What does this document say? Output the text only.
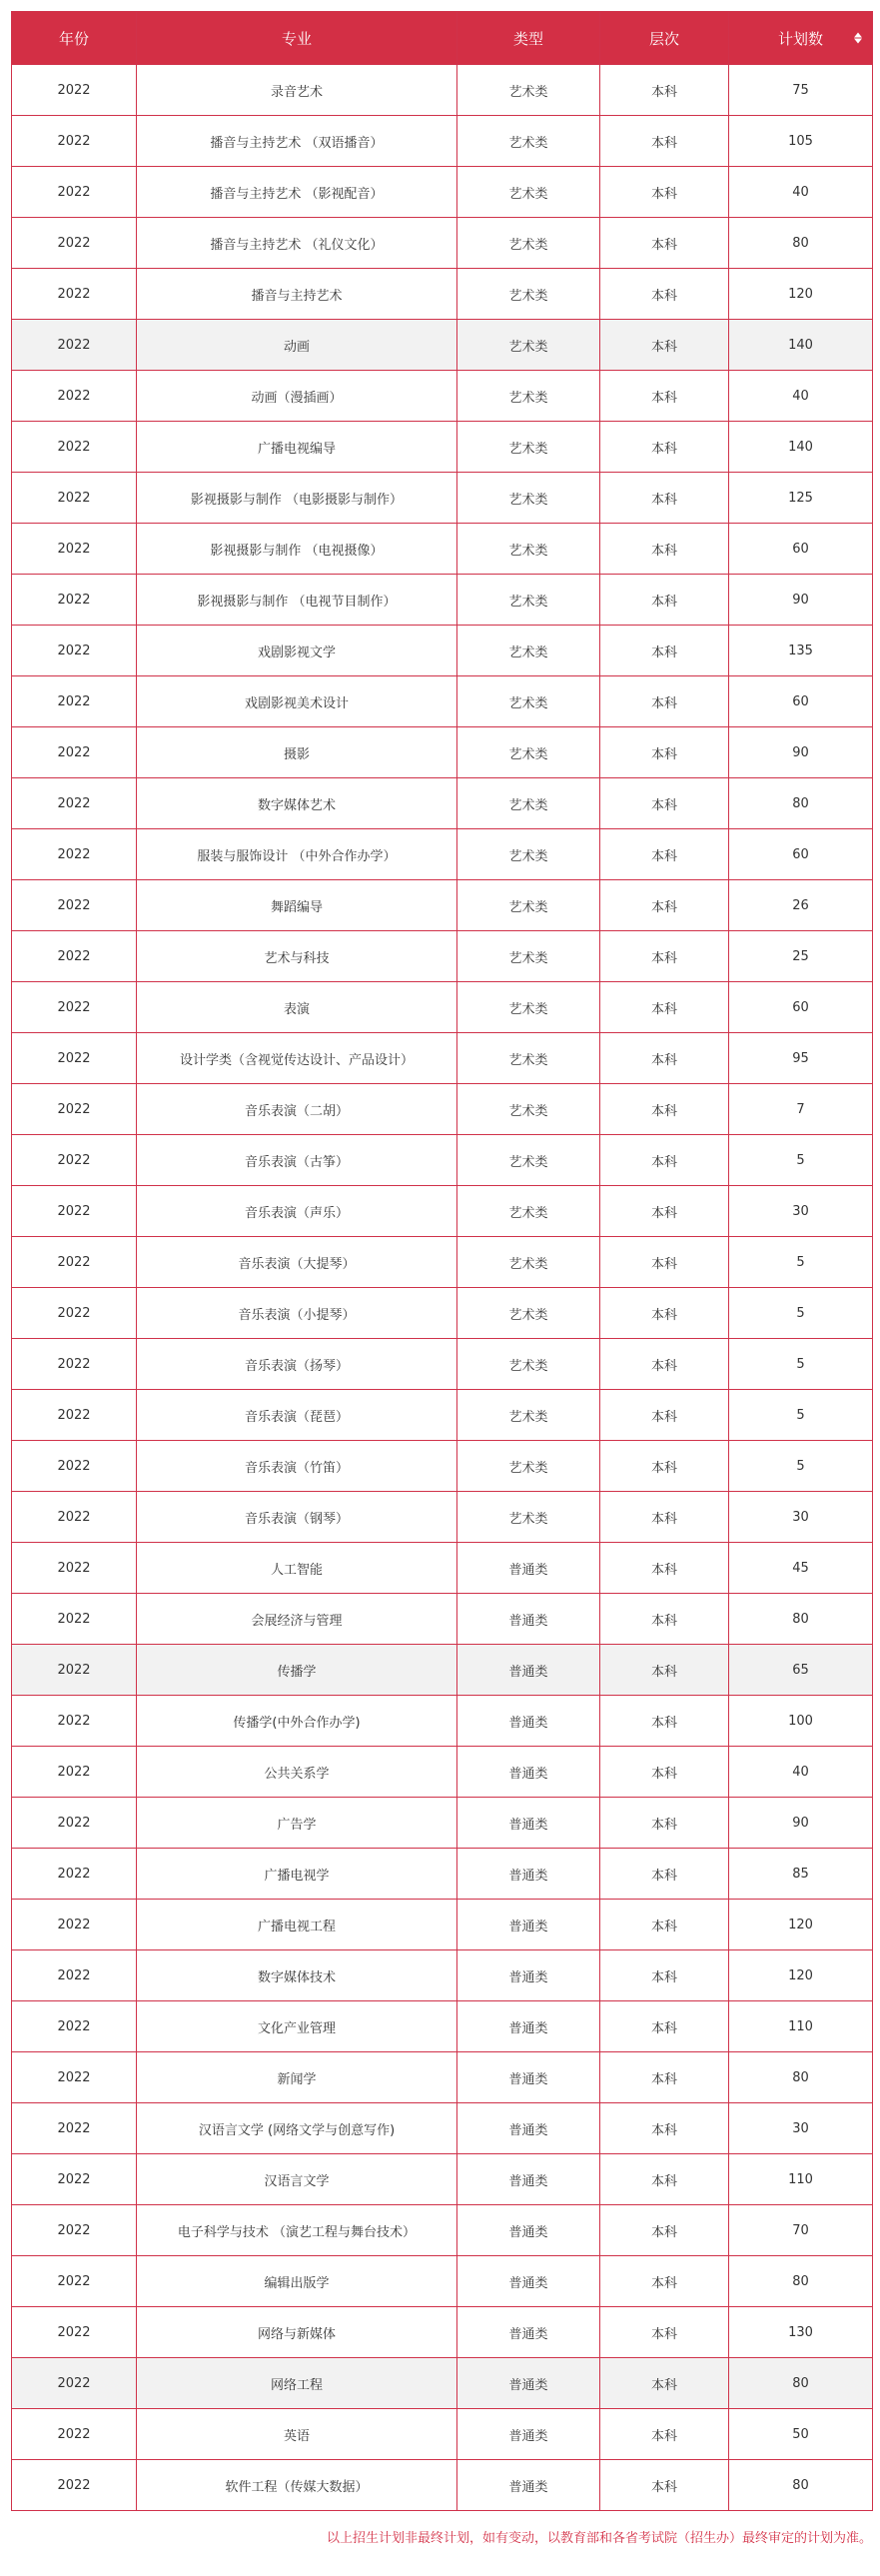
年份	专业	类型	层次	计划数

2022	录音艺术	艺术类	本科	75
2022	播音与主持艺术 （双语播音）	艺术类	本科	105
2022	播音与主持艺术 （影视配音）	艺术类	本科	40
2022	播音与主持艺术 （礼仪文化）	艺术类	本科	80
2022	播音与主持艺术	艺术类	本科	120
2022	动画	艺术类	本科	140
2022	动画（漫插画）	艺术类	本科	40
2022	广播电视编导	艺术类	本科	140
2022	影视摄影与制作 （电影摄影与制作）	艺术类	本科	125
2022	影视摄影与制作 （电视摄像）	艺术类	本科	60
2022	影视摄影与制作 （电视节目制作）	艺术类	本科	90
2022	戏剧影视文学	艺术类	本科	135
2022	戏剧影视美术设计	艺术类	本科	60
2022	摄影	艺术类	本科	90
2022	数字媒体艺术	艺术类	本科	80
2022	服装与服饰设计 （中外合作办学）	艺术类	本科	60
2022	舞蹈编导	艺术类	本科	26
2022	艺术与科技	艺术类	本科	25
2022	表演	艺术类	本科	60
2022	设计学类（含视觉传达设计、产品设计）	艺术类	本科	95
2022	音乐表演（二胡）	艺术类	本科	7
2022	音乐表演（古筝）	艺术类	本科	5
2022	音乐表演（声乐）	艺术类	本科	30
2022	音乐表演（大提琴）	艺术类	本科	5
2022	音乐表演（小提琴）	艺术类	本科	5
2022	音乐表演（扬琴）	艺术类	本科	5
2022	音乐表演（琵琶）	艺术类	本科	5
2022	音乐表演（竹笛）	艺术类	本科	5
2022	音乐表演（钢琴）	艺术类	本科	30
2022	人工智能	普通类	本科	45
2022	会展经济与管理	普通类	本科	80
2022	传播学	普通类	本科	65
2022	传播学(中外合作办学)	普通类	本科	100
2022	公共关系学	普通类	本科	40
2022	广告学	普通类	本科	90
2022	广播电视学	普通类	本科	85
2022	广播电视工程	普通类	本科	120
2022	数字媒体技术	普通类	本科	120
2022	文化产业管理	普通类	本科	110
2022	新闻学	普通类	本科	80
2022	汉语言文学 (网络文学与创意写作)	普通类	本科	30
2022	汉语言文学	普通类	本科	110
2022	电子科学与技术 （演艺工程与舞台技术）	普通类	本科	70
2022	编辑出版学	普通类	本科	80
2022	网络与新媒体	普通类	本科	130
2022	网络工程	普通类	本科	80
2022	英语	普通类	本科	50
2022	软件工程（传媒大数据）	普通类	本科	80
以上招生计划非最终计划，如有变动，以教育部和各省考试院（招生办）最终审定的计划为准。
